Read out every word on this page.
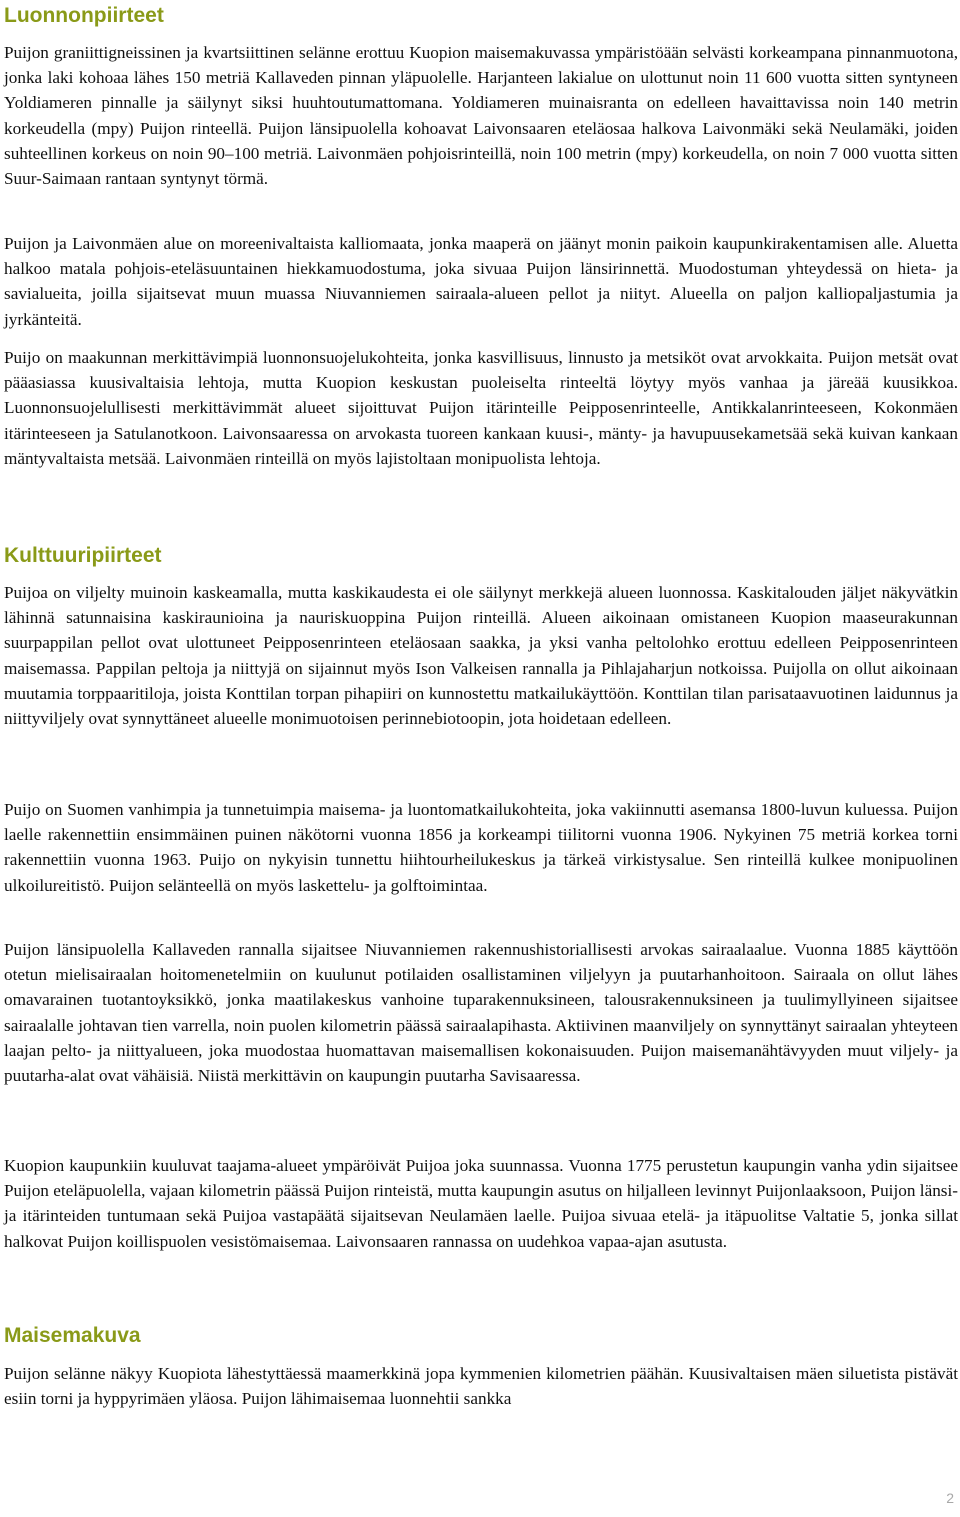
Luonnonpiirteet

Puijon graniittigneissinen ja kvartsiittinen selänne erottuu Kuopion maisemakuvassa ympäristöään selvästi korkeampana pinnanmuotona, jonka laki kohoaa lähes 150 metriä Kallaveden pinnan yläpuolelle. Harjanteen lakialue on ulottunut noin 11 600 vuotta sitten syntyneen Yoldiameren pinnalle ja säilynyt siksi huuhtoutumattomana. Yoldiameren muinaisranta on edelleen havaittavissa noin 140 metrin korkeudella (mpy) Puijon rinteellä. Puijon länsipuolella kohoavat Laivonsaaren eteläosaa halkova Laivonmäki sekä Neulamäki, joiden suhteellinen korkeus on noin 90–100 metriä. Laivonmäen pohjoisrinteillä, noin 100 metrin (mpy) korkeudella, on noin 7 000 vuotta sitten Suur-Saimaan rantaan syntynyt törmä.

Puijon ja Laivonmäen alue on moreenivaltaista kalliomaata, jonka maaperä on jäänyt monin paikoin kaupunkirakentamisen alle. Aluetta halkoo matala pohjois-eteläsuuntainen hiekkamuodostuma, joka sivuaa Puijon länsirinnettä. Muodostuman yhteydessä on hieta- ja savialueita, joilla sijaitsevat muun muassa Niuvanniemen sairaala-alueen pellot ja niityt. Alueella on paljon kalliopaljastumia ja jyrkänteitä.

Puijo on maakunnan merkittävimpiä luonnonsuojelukohteita, jonka kasvillisuus, linnusto ja metsiköt ovat arvokkaita. Puijon metsät ovat pääasiassa kuusivaltaisia lehtoja, mutta Kuopion keskustan puoleiselta rinteeltä löytyy myös vanhaa ja järeää kuusikkoa. Luonnonsuojelullisesti merkittävimmät alueet sijoittuvat Puijon itärinteille Peipposenrinteelle, Antikkalanrinteeseen, Kokonmäen itärinteeseen ja Satulanotkoon. Laivonsaaressa on arvokasta tuoreen kankaan kuusi-, mänty- ja havupuusekametsää sekä kuivan kankaan mäntyvaltaista metsää. Laivonmäen rinteillä on myös lajistoltaan monipuolista lehtoja.

Kulttuuripiirteet

Puijoa on viljelty muinoin kaskeamalla, mutta kaskikaudesta ei ole säilynyt merkkejä alueen luonnossa. Kaskitalouden jäljet näkyvätkin lähinnä satunnaisina kaskiraunioina ja nauriskuoppina Puijon rinteillä. Alueen aikoinaan omistaneen Kuopion maaseurakunnan suurpappilan pellot ovat ulottuneet Peipposenrinteen eteläosaan saakka, ja yksi vanha peltolohko erottuu edelleen Peipposenrinteen maisemassa. Pappilan peltoja ja niittyjä on sijainnut myös Ison Valkeisen rannalla ja Pihlajaharjun notkoissa. Puijolla on ollut aikoinaan muutamia torppaaritiloja, joista Konttilan torpan pihapiiri on kunnostettu matkailukäyttöön. Konttilan tilan parisataavuotinen laidunnus ja niittyviljely ovat synnyttäneet alueelle monimuotoisen perinnebiotoopin, jota hoidetaan edelleen.

Puijo on Suomen vanhimpia ja tunnetuimpia maisema- ja luontomatkailukohteita, joka vakiinnutti asemansa 1800-luvun kuluessa. Puijon laelle rakennettiin ensimmäinen puinen näkötorni vuonna 1856 ja korkeampi tiilitorni vuonna 1906. Nykyinen 75 metriä korkea torni rakennettiin vuonna 1963. Puijo on nykyisin tunnettu hiihtourheilukeskus ja tärkeä virkistysalue. Sen rinteillä kulkee monipuolinen ulkoilureitistö. Puijon selänteellä on myös laskettelu- ja golftoimintaa.

Puijon länsipuolella Kallaveden rannalla sijaitsee Niuvanniemen rakennushistoriallisesti arvokas sairaalaalue. Vuonna 1885 käyttöön otetun mielisairaalan hoitomenetelmiin on kuulunut potilaiden osallistaminen viljelyyn ja puutarhanhoitoon. Sairaala on ollut lähes omavarainen tuotantoyksikkö, jonka maatilakeskus vanhoine tuparakennuksineen, talousrakennuksineen ja tuulimyllyineen sijaitsee sairaalalle johtavan tien varrella, noin puolen kilometrin päässä sairaalapihasta. Aktiivinen maanviljely on synnyttänyt sairaalan yhteyteen laajan pelto- ja niittyalueen, joka muodostaa huomattavan maisemallisen kokonaisuuden. Puijon maisemanähtävyyden muut viljely- ja puutarha-alat ovat vähäisiä. Niistä merkittävin on kaupungin puutarha Savisaaressa.

Kuopion kaupunkiin kuuluvat taajama-alueet ympäröivät Puijoa joka suunnassa. Vuonna 1775 perustetun kaupungin vanha ydin sijaitsee Puijon eteläpuolella, vajaan kilometrin päässä Puijon rinteistä, mutta kaupungin asutus on hiljalleen levinnyt Puijonlaaksoon, Puijon länsi- ja itärinteiden tuntumaan sekä Puijoa vastapäätä sijaitsevan Neulamäen laelle. Puijoa sivuaa etelä- ja itäpuolitse Valtatie 5, jonka sillat halkovat Puijon koillispuolen vesistömaisemaa. Laivonsaaren rannassa on uudehkoa vapaa-ajan asutusta.

Maisemakuva

Puijon selänne näkyy Kuopiota lähestyttäessä maamerkkinä jopa kymmenien kilometrien päähän. Kuusivaltaisen mäen siluetista pistävät esiin torni ja hyppyrimäen yläosa. Puijon lähimaisemaa luonnehtii sankka

2
